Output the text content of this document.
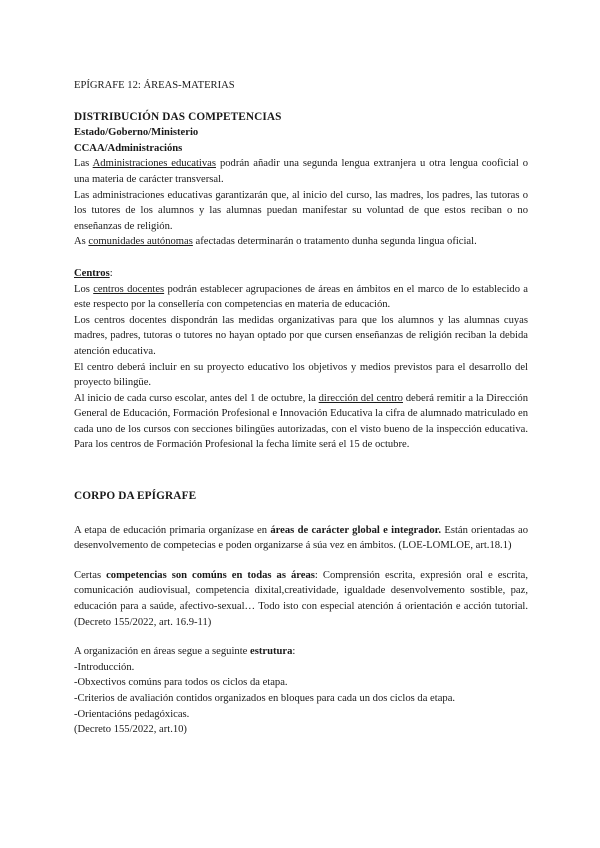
EPÍGRAFE 12: ÁREAS-MATERIAS

DISTRIBUCIÓN DAS COMPETENCIAS

Estado/Goberno/Ministerio

CCAA/Administracións

Las Administraciones educativas podrán añadir una segunda lengua extranjera u otra lengua cooficial o una materia de carácter transversal.

Las administraciones educativas garantizarán que, al inicio del curso, las madres, los padres, las tutoras o los tutores de los alumnos y las alumnas puedan manifestar su voluntad de que estos reciban o no enseñanzas de religión.

As comunidades autónomas afectadas determinarán o tratamento dunha segunda lingua oficial.

Centros:

Los centros docentes podrán establecer agrupaciones de áreas en ámbitos en el marco de lo establecido a este respecto por la consellería con competencias en materia de educación.

Los centros docentes dispondrán las medidas organizativas para que los alumnos y las alumnas cuyas madres, padres, tutoras o tutores no hayan optado por que cursen enseñanzas de religión reciban la debida atención educativa.

El centro deberá incluir en su proyecto educativo los objetivos y medios previstos para el desarrollo del proyecto bilingüe.

Al inicio de cada curso escolar, antes del 1 de octubre, la dirección del centro deberá remitir a la Dirección General de Educación, Formación Profesional e Innovación Educativa la cifra de alumnado matriculado en cada uno de los cursos con secciones bilingües autorizadas, con el visto bueno de la inspección educativa. Para los centros de Formación Profesional la fecha límite será el 15 de octubre.

CORPO DA EPÍGRAFE

A etapa de educación primaria organízase en áreas de carácter global e integrador. Están orientadas ao desenvolvemento de competecias e poden organizarse á súa vez en ámbitos. (LOE-LOMLOE, art.18.1)

Certas competencias son comúns en todas as áreas: Comprensión escrita, expresión oral e escrita, comunicación audiovisual, competencia dixital,creatividade, igualdade desenvolvemento sostible, paz, educación para a saúde, afectivo-sexual… Todo isto con especial atención á orientación e acción tutorial. (Decreto 155/2022, art. 16.9-11)

A organización en áreas segue a seguinte estrutura:

-Introducción.
-Obxectivos comúns para todos os ciclos da etapa.
-Criterios de avaliación contidos organizados en bloques para cada un dos ciclos da etapa.
-Orientacións pedagóxicas.
(Decreto 155/2022, art.10)
